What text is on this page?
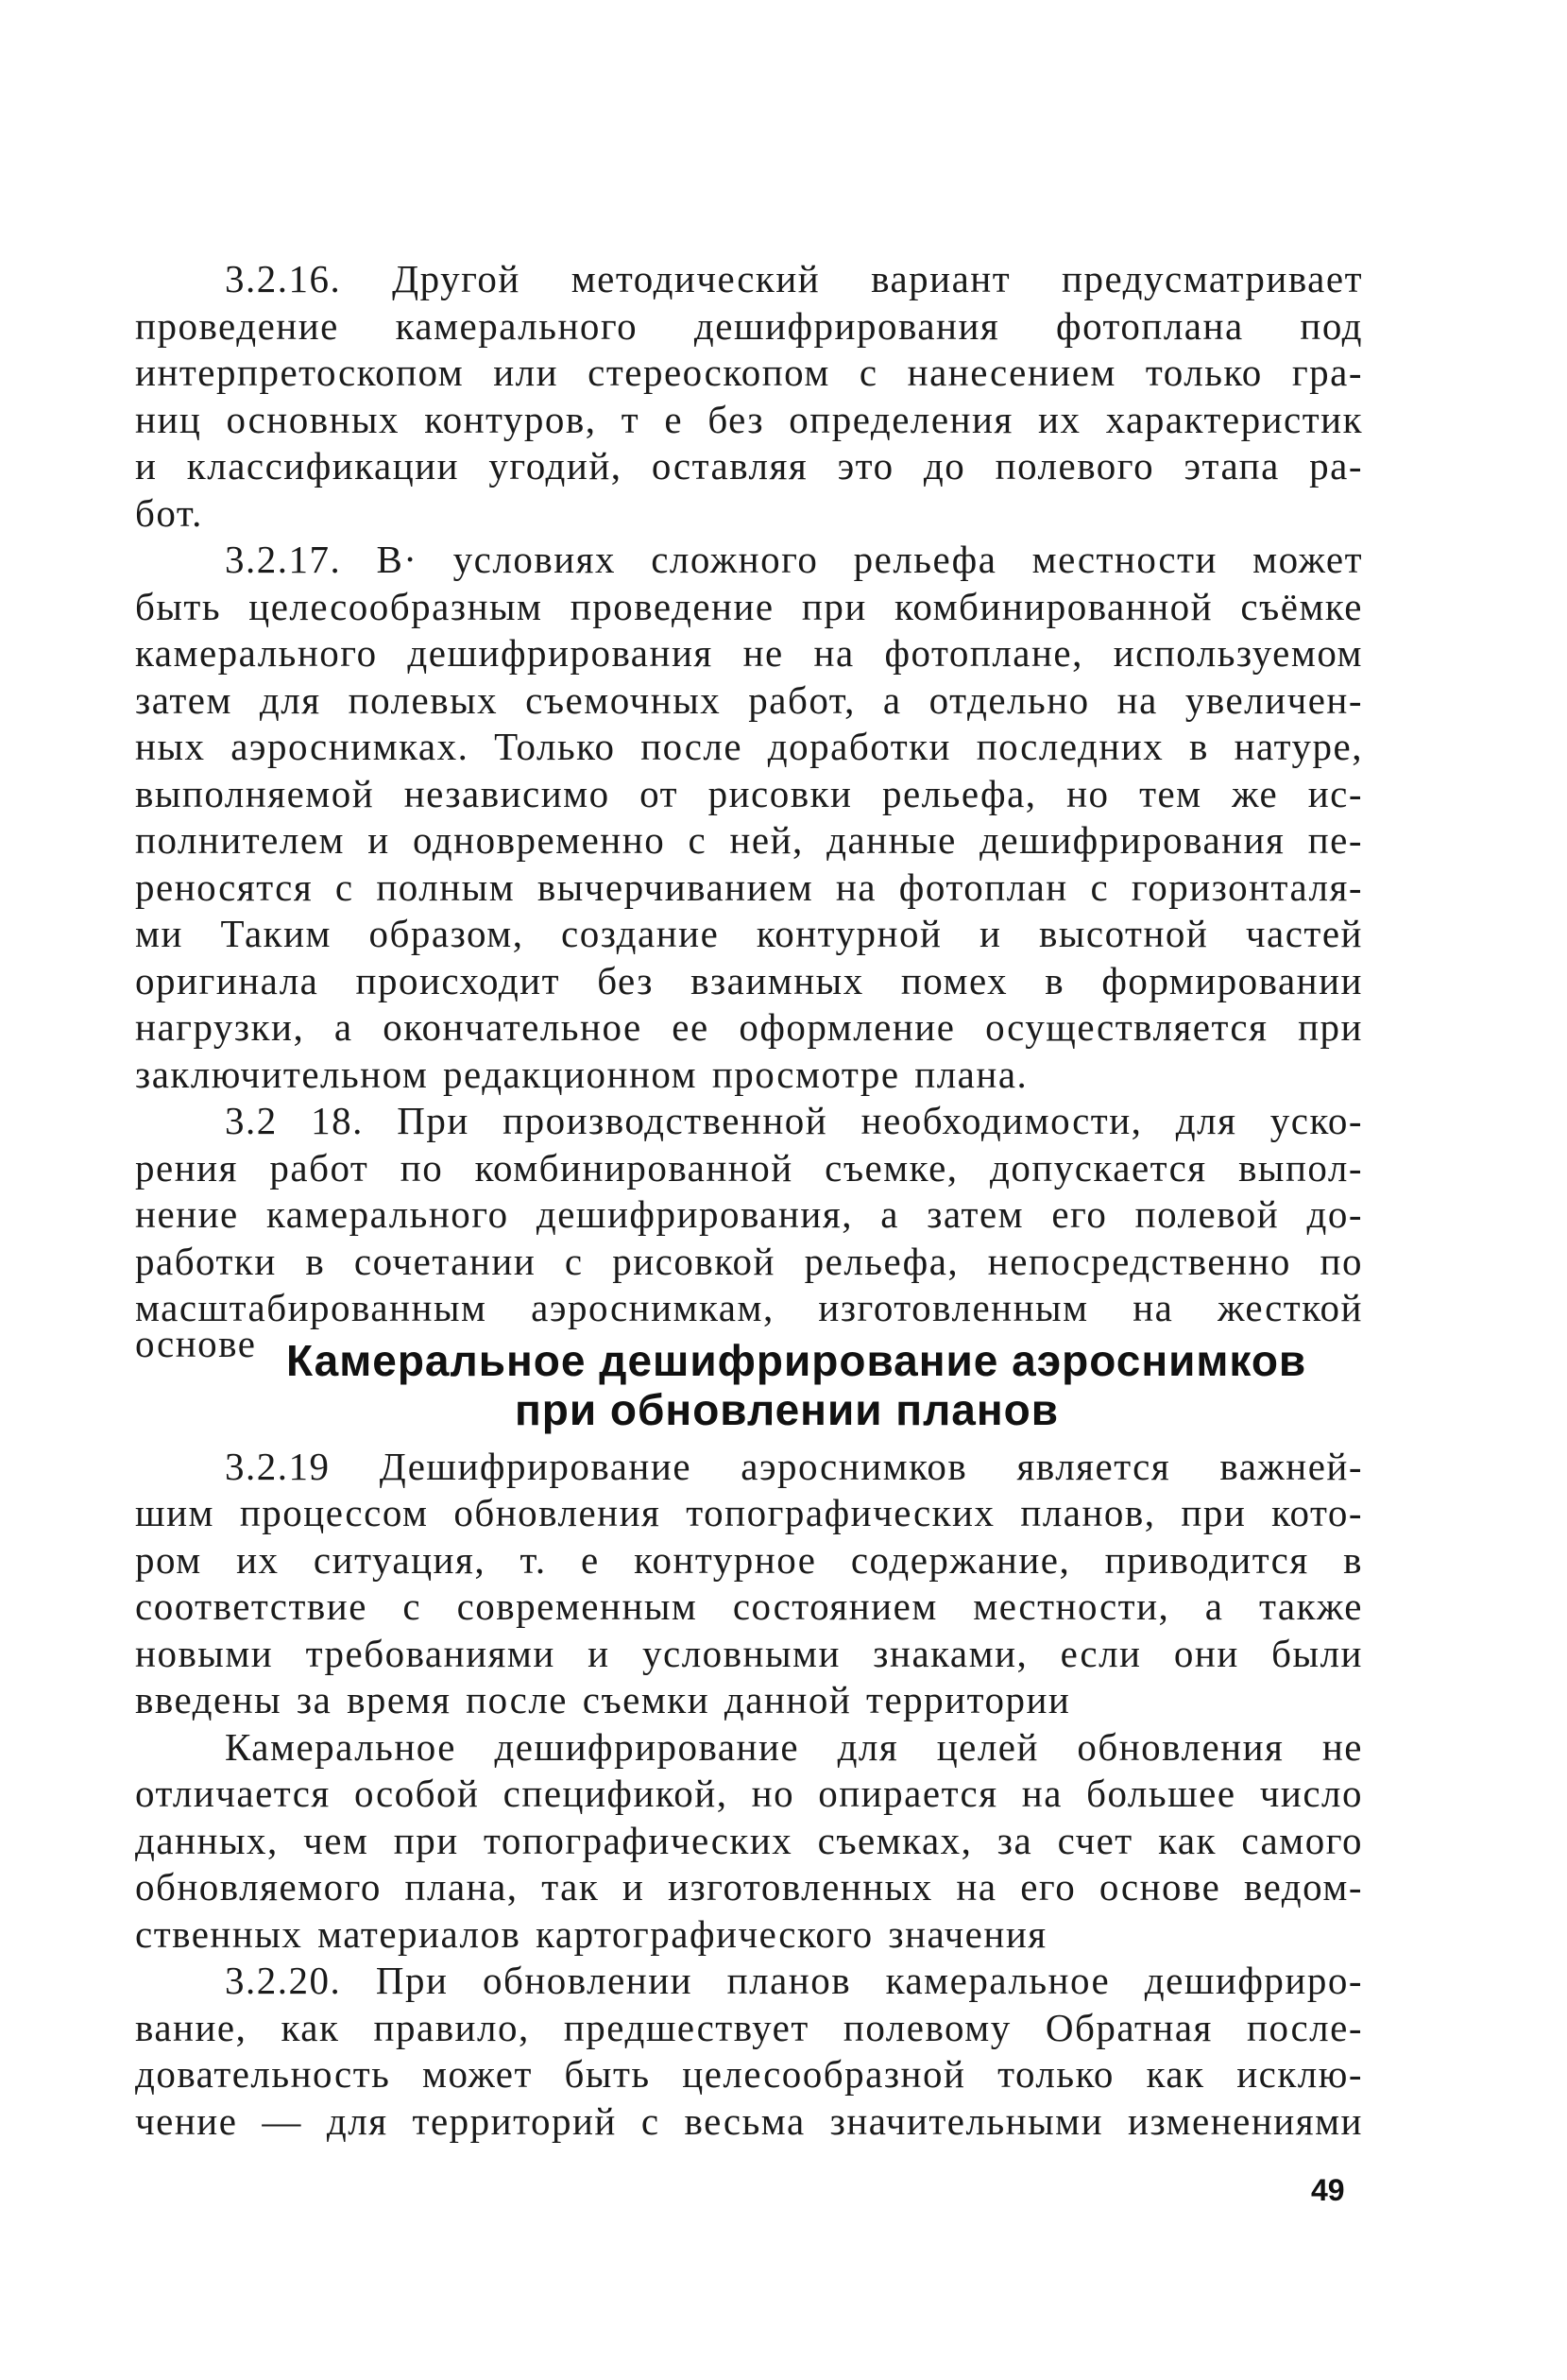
3.2.16. Другой методический вариант предусматривает
проведение камерального дешифрирования фотоплана под
интерпретоскопом или стереоскопом с нанесением только гра-
ниц основных контуров, т е без определения их характеристик
и классификации угодий, оставляя это до полевого этапа ра-
бот.
3.2.17. В· условиях сложного рельефа местности может
быть целесообразным проведение при комбинированной съёмке
камерального дешифрирования не на фотоплане, используемом
затем для полевых съемочных работ, а отдельно на увеличен-
ных аэроснимках. Только после доработки последних в натуре,
выполняемой независимо от рисовки рельефа, но тем же ис-
полнителем и одновременно с ней, данные дешифрирования пе-
реносятся с полным вычерчиванием на фотоплан с горизонталя-
ми Таким образом, создание контурной и высотной частей
оригинала происходит без взаимных помех в формировании
нагрузки, а окончательное ее оформление осуществляется при
заключительном редакционном просмотре плана.
3.2 18. При производственной необходимости, для уско-
рения работ по комбинированной съемке, допускается выпол-
нение камерального дешифрирования, а затем его полевой до-
работки в сочетании с рисовкой рельефа, непосредственно по
масштабированным аэроснимкам, изготовленным на жесткой
основе Камеральное дешифрирование аэроснимков
при обновлении планов
3.2.19 Дешифрирование аэроснимков является важней-
шим процессом обновления топографических планов, при кото-
ром их ситуация, т. е контурное содержание, приводится в
соответствие с современным состоянием местности, а также
новыми требованиями и условными знаками, если они были
введены за время после съемки данной территории
Камеральное дешифрирование для целей обновления не
отличается особой спецификой, но опирается на большее число
данных, чем при топографических съемках, за счет как самого
обновляемого плана, так и изготовленных на его основе ведом-
ственных материалов картографического значения
3.2.20. При обновлении планов камеральное дешифриро-
вание, как правило, предшествует полевому Обратная после-
довательность может быть целесообразной только как исклю-
чение — для территорий с весьма значительными изменениями
49
